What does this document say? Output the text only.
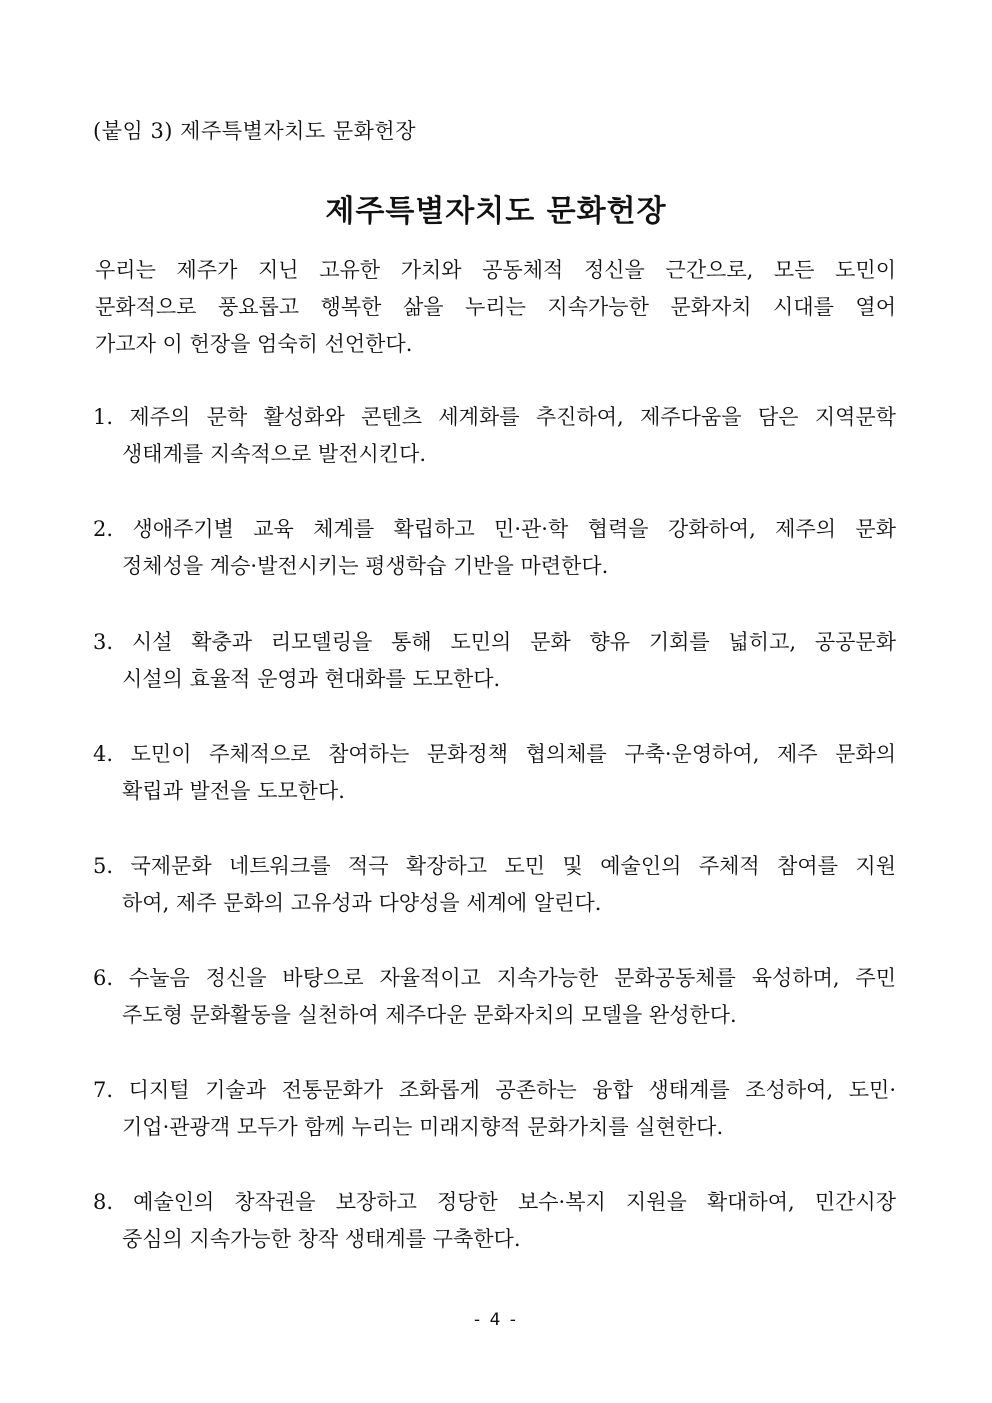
(붙임 3) 제주특별자치도 문화헌장
제주특별자치도 문화헌장
우리는 제주가 지닌 고유한 가치와 공동체적 정신을 근간으로, 모든 도민이
문화적으로 풍요롭고 행복한 삶을 누리는 지속가능한 문화자치 시대를 열어
가고자 이 헌장을 엄숙히 선언한다.
1. 제주의 문학 활성화와 콘텐츠 세계화를 추진하여, 제주다움을 담은 지역문학
생태계를 지속적으로 발전시킨다.
2. 생애주기별 교육 체계를 확립하고 민·관·학 협력을 강화하여, 제주의 문화
정체성을 계승·발전시키는 평생학습 기반을 마련한다.
3. 시설 확충과 리모델링을 통해 도민의 문화 향유 기회를 넓히고, 공공문화
시설의 효율적 운영과 현대화를 도모한다.
4. 도민이 주체적으로 참여하는 문화정책 협의체를 구축·운영하여, 제주 문화의
확립과 발전을 도모한다.
5. 국제문화 네트워크를 적극 확장하고 도민 및 예술인의 주체적 참여를 지원
하여, 제주 문화의 고유성과 다양성을 세계에 알린다.
6. 수눌음 정신을 바탕으로 자율적이고 지속가능한 문화공동체를 육성하며, 주민
주도형 문화활동을 실천하여 제주다운 문화자치의 모델을 완성한다.
7. 디지털 기술과 전통문화가 조화롭게 공존하는 융합 생태계를 조성하여, 도민·
기업·관광객 모두가 함께 누리는 미래지향적 문화가치를 실현한다.
8. 예술인의 창작권을 보장하고 정당한 보수·복지 지원을 확대하여, 민간시장
중심의 지속가능한 창작 생태계를 구축한다.
- 4 -
